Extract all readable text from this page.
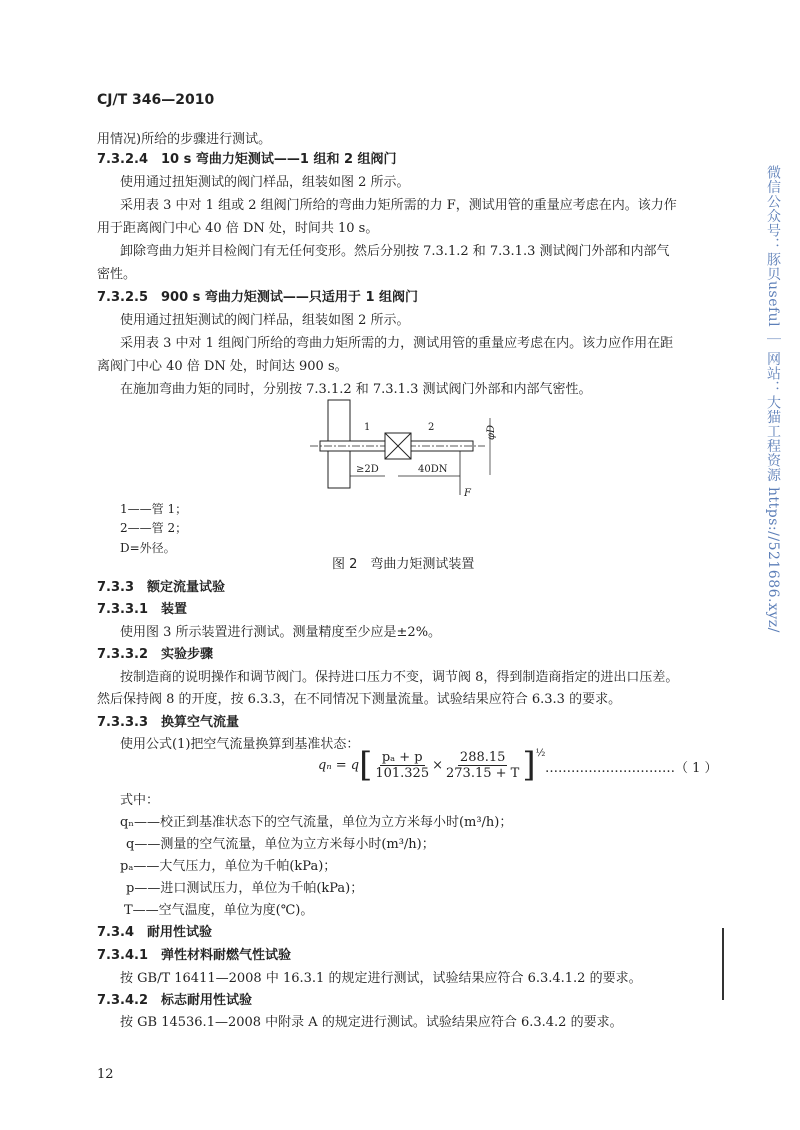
CJ/T 346—2010
用情况)所给的步骤进行测试。
7.3.2.4　10 s 弯曲力矩测试——1 组和 2 组阀门
使用通过扭矩测试的阀门样品，组装如图 2 所示。
采用表 3 中对 1 组或 2 组阀门所给的弯曲力矩所需的力 F，测试用管的重量应考虑在内。该力作
用于距离阀门中心 40 倍 DN 处，时间共 10 s。
卸除弯曲力矩并目检阀门有无任何变形。然后分别按 7.3.1.2 和 7.3.1.3 测试阀门外部和内部气
密性。
7.3.2.5　900 s 弯曲力矩测试——只适用于 1 组阀门
使用通过扭矩测试的阀门样品，组装如图 2 所示。
采用表 3 中对 1 组阀门所给的弯曲力矩所需的力，测试用管的重量应考虑在内。该力应作用在距
离阀门中心 40 倍 DN 处，时间达 900 s。
在施加弯曲力矩的同时，分别按 7.3.1.2 和 7.3.1.3 测试阀门外部和内部气密性。
1	2	φD
≥2D	40DN
F
1——管 1；
2——管 2；
D=外径。
图 2　弯曲力矩测试装置
7.3.3　额定流量试验
7.3.3.1　装置
使用图 3 所示装置进行测试。测量精度至少应是±2%。
7.3.3.2　实验步骤
按制造商的说明操作和调节阀门。保持进口压力不变，调节阀 8，得到制造商指定的进出口压差。
然后保持阀 8 的开度，按 6.3.3，在不同情况下测量流量。试验结果应符合 6.3.3 的要求。
7.3.3.3　换算空气流量
使用公式(1)把空气流量换算到基准状态：
qₙ = q [ $\frac{\text{pₐ + p}}{101.325} \times \frac{288.15}{273.15 + T}$ ] ½
…………………………（ 1 ）
式中：
qₙ——校正到基准状态下的空气流量，单位为立方米每小时(m³/h)；
q——测量的空气流量，单位为立方米每小时(m³/h)；
pₐ——大气压力，单位为千帕(kPa)；
p——进口测试压力，单位为千帕(kPa)；
T——空气温度，单位为度(℃)。
7.3.4　耐用性试验
7.3.4.1　弹性材料耐燃气性试验
按 GB/T 16411—2008 中 16.3.1 的规定进行测试，试验结果应符合 6.3.4.1.2 的要求。
7.3.4.2　标志耐用性试验
按 GB 14536.1—2008 中附录 A 的规定进行测试。试验结果应符合 6.3.4.2 的要求。
12
微信公众号：豚贝useful ｜ 网站：大猫工程资源 https://521686.xyz/
